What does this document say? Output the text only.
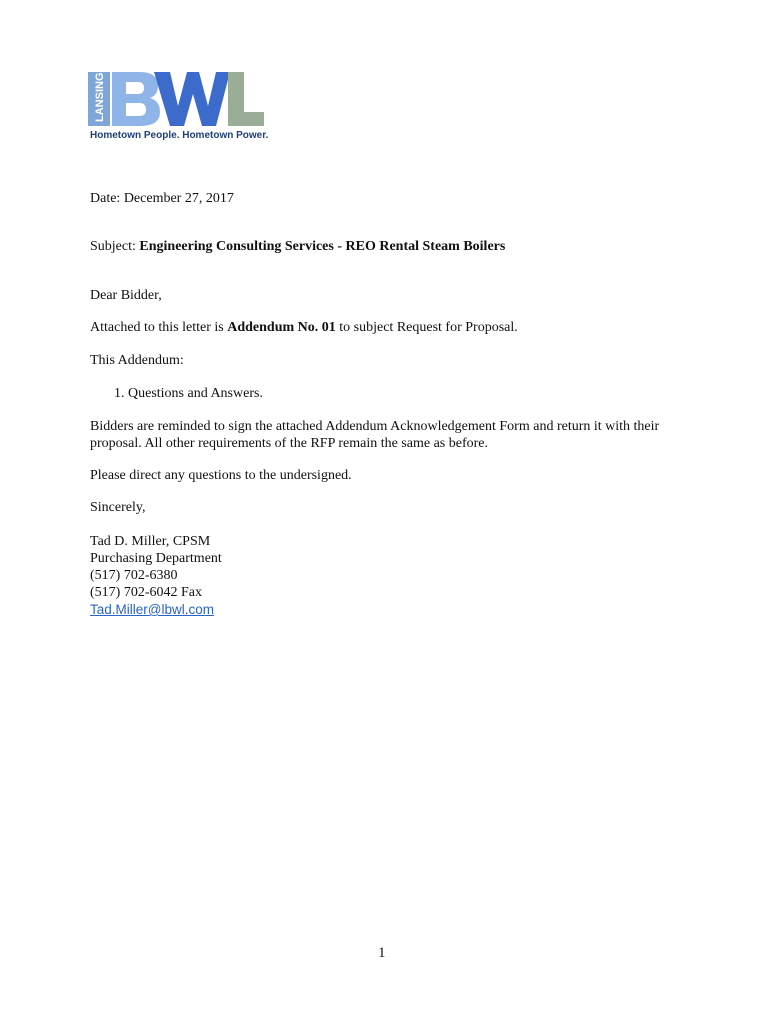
LANSING
Hometown People. Hometown Power.
Date: December 27, 2017
Subject: Engineering Consulting Services - REO Rental Steam Boilers
Dear Bidder,
Attached to this letter is Addendum No. 01 to subject Request for Proposal.
This Addendum:
1. Questions and Answers.
Bidders are reminded to sign the attached Addendum Acknowledgement Form and return it with their
proposal. All other requirements of the RFP remain the same as before.
Please direct any questions to the undersigned.
Sincerely,
Tad D. Miller, CPSM
Purchasing Department
(517) 702-6380
(517) 702-6042 Fax
Tad.Miller@lbwl.com
1
